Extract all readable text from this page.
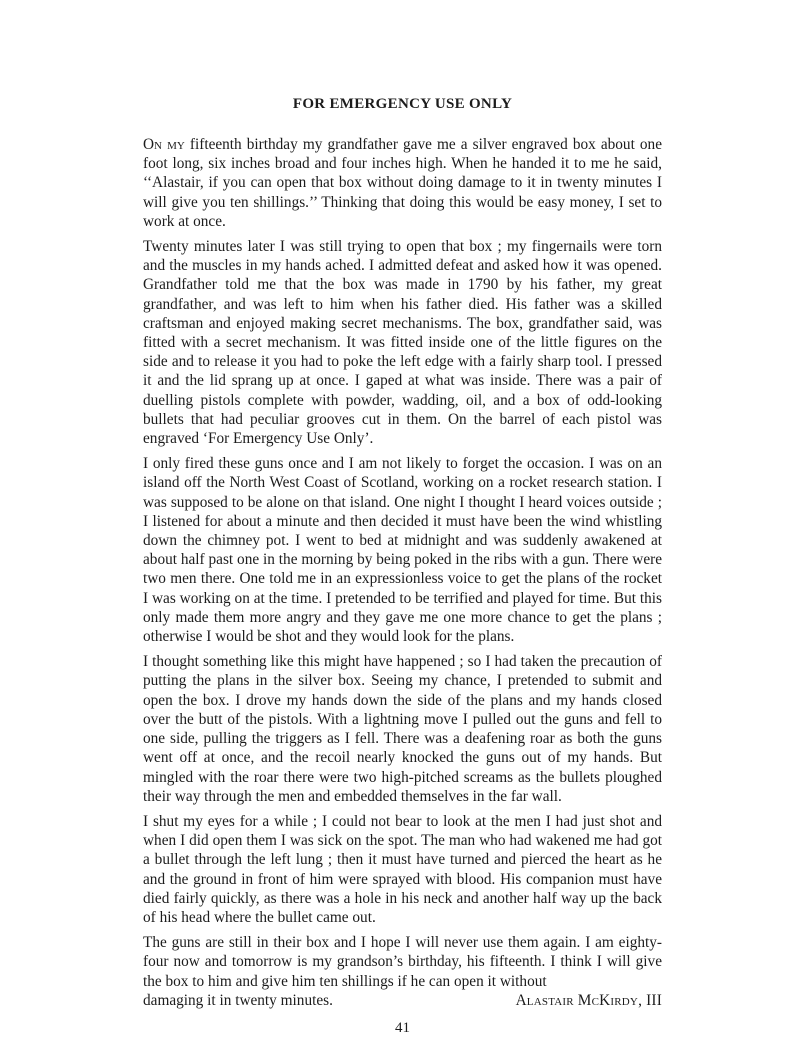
FOR EMERGENCY USE ONLY

On my fifteenth birthday my grandfather gave me a silver engraved box about one foot long, six inches broad and four inches high. When he handed it to me he said, ‘‘Alastair, if you can open that box without doing damage to it in twenty minutes I will give you ten shillings.’’ Thinking that doing this would be easy money, I set to work at once.

Twenty minutes later I was still trying to open that box ; my fingernails were torn and the muscles in my hands ached. I admitted defeat and asked how it was opened. Grandfather told me that the box was made in 1790 by his father, my great grandfather, and was left to him when his father died. His father was a skilled craftsman and enjoyed making secret mechanisms. The box, grandfather said, was fitted with a secret mechanism. It was fitted inside one of the little figures on the side and to release it you had to poke the left edge with a fairly sharp tool. I pressed it and the lid sprang up at once. I gaped at what was inside. There was a pair of duelling pistols complete with powder, wadding, oil, and a box of odd-looking bullets that had peculiar grooves cut in them. On the barrel of each pistol was engraved ‘For Emergency Use Only’.

I only fired these guns once and I am not likely to forget the occasion. I was on an island off the North West Coast of Scotland, working on a rocket research station. I was supposed to be alone on that island. One night I thought I heard voices outside ; I listened for about a minute and then decided it must have been the wind whistling down the chimney pot. I went to bed at midnight and was suddenly awakened at about half past one in the morning by being poked in the ribs with a gun. There were two men there. One told me in an expressionless voice to get the plans of the rocket I was working on at the time. I pretended to be terrified and played for time. But this only made them more angry and they gave me one more chance to get the plans ; otherwise I would be shot and they would look for the plans.

I thought something like this might have happened ; so I had taken the precaution of putting the plans in the silver box. Seeing my chance, I pretended to submit and open the box. I drove my hands down the side of the plans and my hands closed over the butt of the pistols. With a lightning move I pulled out the guns and fell to one side, pulling the triggers as I fell. There was a deafening roar as both the guns went off at once, and the recoil nearly knocked the guns out of my hands. But mingled with the roar there were two high-pitched screams as the bullets ploughed their way through the men and embedded themselves in the far wall.

I shut my eyes for a while ; I could not bear to look at the men I had just shot and when I did open them I was sick on the spot. The man who had wakened me had got a bullet through the left lung ; then it must have turned and pierced the heart as he and the ground in front of him were sprayed with blood. His companion must have died fairly quickly, as there was a hole in his neck and another half way up the back of his head where the bullet came out.

The guns are still in their box and I hope I will never use them again. I am eighty-four now and tomorrow is my grandson’s birthday, his fifteenth. I think I will give the box to him and give him ten shillings if he can open it without

damaging it in twenty minutes.	Alastair McKirdy, III
41
